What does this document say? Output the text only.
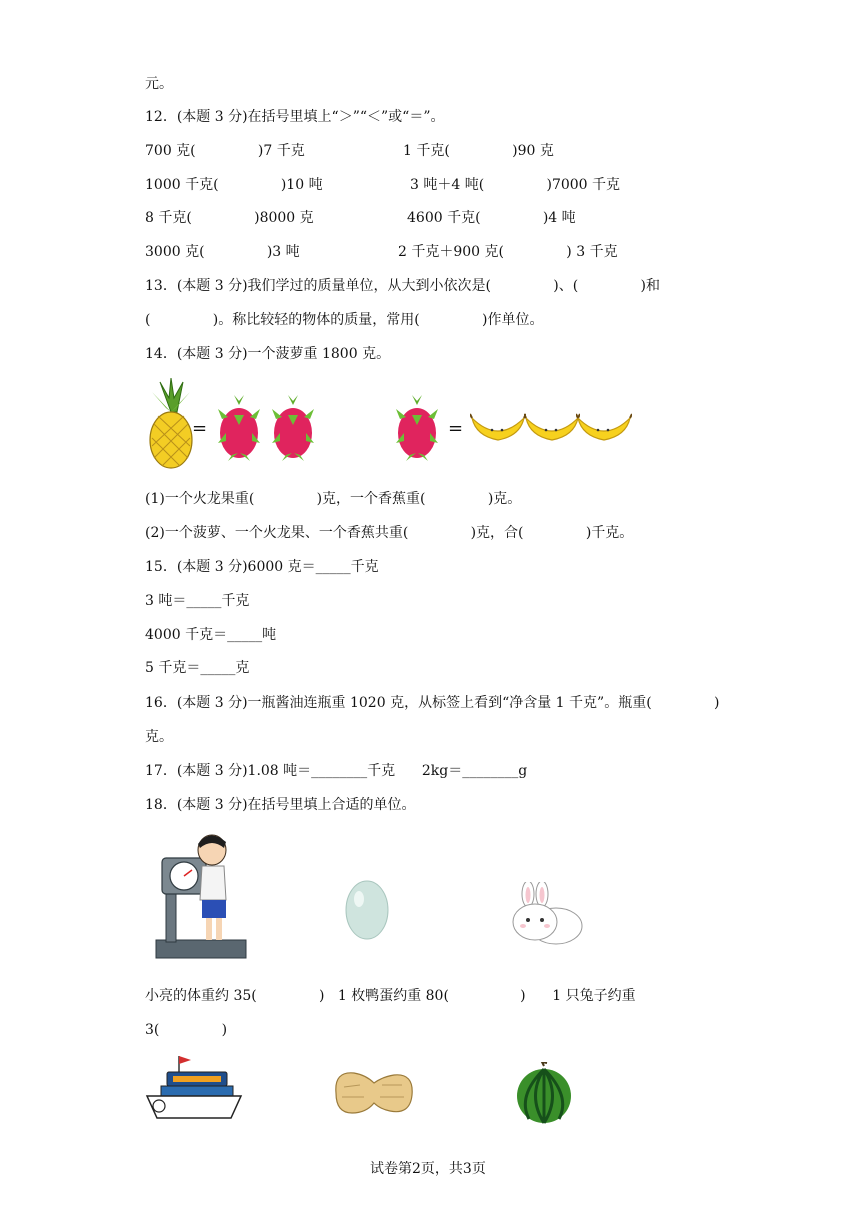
元。
12．(本题 3 分)在括号里填上“＞”“＜”或“＝”。
700 克(              )7 千克	1 千克(              )90 克
1000 千克(              )10 吨	3 吨＋4 吨(              )7000 千克
8 千克(              )8000 克	4600 千克(              )4 吨
3000 克(              )3 吨	2 千克＋900 克(              ) 3 千克
13．(本题 3 分)我们学过的质量单位，从大到小依次是(              )、(              )和
(              )。称比较轻的物体的质量，常用(              )作单位。
14．(本题 3 分)一个菠萝重 1800 克。
=	=
(1)一个火龙果重(              )克，一个香蕉重(              )克。
(2)一个菠萝、一个火龙果、一个香蕉共重(              )克，合(              )千克。
15．(本题 3 分)6000 克＝_____千克
3 吨＝_____千克
4000 千克＝_____吨
5 千克＝_____克
16．(本题 3 分)一瓶酱油连瓶重 1020 克，从标签上看到“净含量 1 千克”。瓶重(              )
克。
17．(本题 3 分)1.08 吨＝________千克      2kg＝________g
18．(本题 3 分)在括号里填上合适的单位。
小亮的体重约 35(              )   1 枚鸭蛋约重 80(                )      1 只兔子约重
3(              )
试卷第2页，共3页
